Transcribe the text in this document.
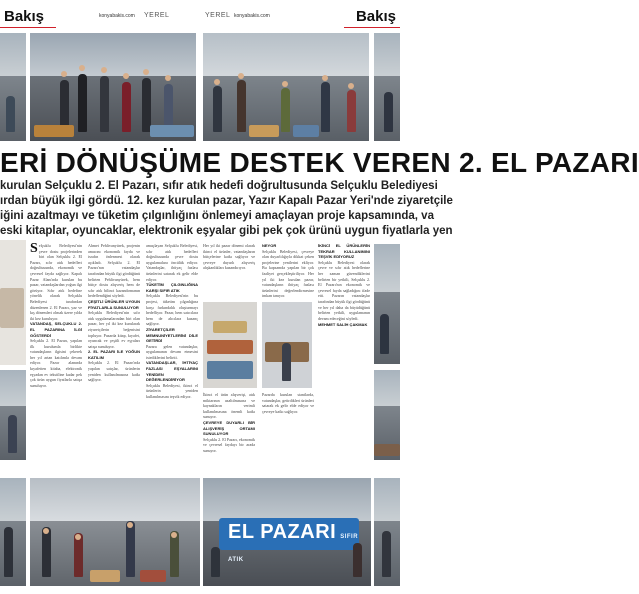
Bakış	konyabakis.com YEREL	YEREL konyabakis.com	Bakış
ERİ DÖNÜŞÜME DESTEK VEREN 2. EL PAZARI
kurulan Selçuklu 2. El Pazarı, sıfır atık hedefi doğrultusunda Selçuklu Belediyesi
ırdan büyük ilgi gördü. 12. kez kurulan pazar, Yazır Kapalı Pazar Yeri'nde ziyaretçile
iğini azaltmayı ve tüketim çılgınlığını önlemeyi amaçlayan proje kapsamında, va
eski kitaplar, oyuncaklar, elektronik eşyalar gibi pek çok ürünü uygun fiyatlarla yen
Selçuklu Belediyesi'nin çevre dostu projelerinden biri olan Selçuklu 2. El Pazarı, sıfır atık hedefleri doğrultusunda, ekonomik ve çevresel fayda sağlıyor. Kapalı Pazar Alanı'nda kurulan bu pazar, vatandaşlardan yoğun ilgi görüyor. Sıfır atık hedefine yönelik olarak Selçuklu Belediyesi tarafından düzenlenen 2. El Pazarı, yaz ve kış dönemleri olmak üzere yılda iki kez kuruluyor.
VATANDAŞ, SELÇUKLU 2. EL PAZARINA İLGİ GÖSTERDİ
Selçuklu 2. El Pazarı, yapılan ilk kurulumla birlikte vatandaşların ilgisini çekerek her yıl artan katılımla devam ediyor. Pazar alanında kıyafetten kitaba, elektronik eşyadan ev tekstiline kadar pek çok ürün uygun fiyatlarla satışa sunuluyor.
Ahmet Pehlivanyürek, projenin amacını ekonomik fayda ve israfın önlenmesi olarak açıkladı. Selçuklu 2. El Pazarı'nın vatandaşlar tarafından büyük ilgi gördüğünü belirten Pehlivanyürek, hem bütçe dostu alışveriş hem de sıfır atık bilinci kazandırmanın hedeflendiğini söyledi.
ÇEŞİTLİ ÜRÜNLER UYGUN FİYATLARLA SUNULUYOR
Selçuklu Belediyesi'nin sıfır atık uygulamalarından biri olan pazar, her yıl iki kez kurularak ziyaretçilerin beğenisini topluyor. Pazarda kitap, kıyafet, oyuncak ve çeşitli ev eşyaları satışa sunuluyor.
2. EL PAZARI İLE YOĞUN KATILIM
Selçuklu 2. El Pazarı'nda yapılan satışlar, ürünlerin yeniden kullanılmasına katkı sağlıyor.
amaçlayan Selçuklu Belediyesi, sıfır atık hedefleri doğrultusunda çevre dostu uygulamalara öncülük ediyor. Vatandaşlar, ihtiyaç fazlası ürünlerini satarak ek gelir elde ediyor.
TÜKETİM ÇILGINLIĞINA KARŞI SIFIR ATIK
Selçuklu Belediyesi'nin bu projesi, tüketim çılgınlığına karşı farkındalık oluşturmayı hedefliyor. Pazar, hem satıcılara hem de alıcılara kazanç sağlıyor.
ZİYARETÇİLER MEMNUNİYETLERİNİ DİLE GETİRDİ
Pazara gelen vatandaşlar, uygulamanın devam etmesini istediklerini belirtti.
VATANDAŞLAR, İHTİYAÇ FAZLASI EŞYALARINI YENİDEN DEĞERLENDİRİYOR
Selçuklu Belediyesi, ikinci el ürünlerin yeniden kullanılmasını teşvik ediyor.
Her yıl iki pazar dönemi olarak ikinci el ürünler, vatandaşların bütçelerine katkı sağlıyor ve çevreye duyarlı alışveriş alışkanlıkları kazandırıyor.
İkinci el ürün alışverişi, atık miktarının azaltılmasına ve kaynakların verimli kullanılmasına önemli katkı sunuyor.
ÇEVREYE DUYARLI BİR ALIŞVERİŞ ORTAMI SUNULUYOR
Selçuklu 2. El Pazarı, ekonomik ve çevresel faydayı bir arada sunuyor.
NEYOR
Selçuklu Belediyesi, çevreye olan duyarlılığıyla dikkat çeken projelerine yenilerini ekliyor. Bu kapsamda yapılan bir çok faaliyet gerçekleştiriliyor. Her yıl iki kez kurulan pazar, vatandaşların ihtiyaç fazlası ürünlerini değerlendirmesine imkan tanıyor.
Pazarda kurulan stantlarda, vatandaşlar, getirdikleri ürünleri satarak ek gelir elde ediyor ve çevreye katkı sağlıyor.
İKİNCİ EL ÜRÜNLERİN TEKRAR KULLANIMINI TEŞVİK EDİYORUZ
Selçuklu Belediyesi olarak çevre ve sıfır atık hedeflerine her zaman güvendiklerini belirten bir yetkili, Selçuklu 2. El Pazarı'nın ekonomik ve çevresel fayda sağladığını ifade etti. Pazarın vatandaşlar tarafından büyük ilgi gördüğünü ve her yıl daha da büyüdüğünü belirten yetkili, uygulamanın devam edeceğini söyledi.
MEHMET SALİH ÇAKMAK
EL PAZARI SIFIR ATIK
